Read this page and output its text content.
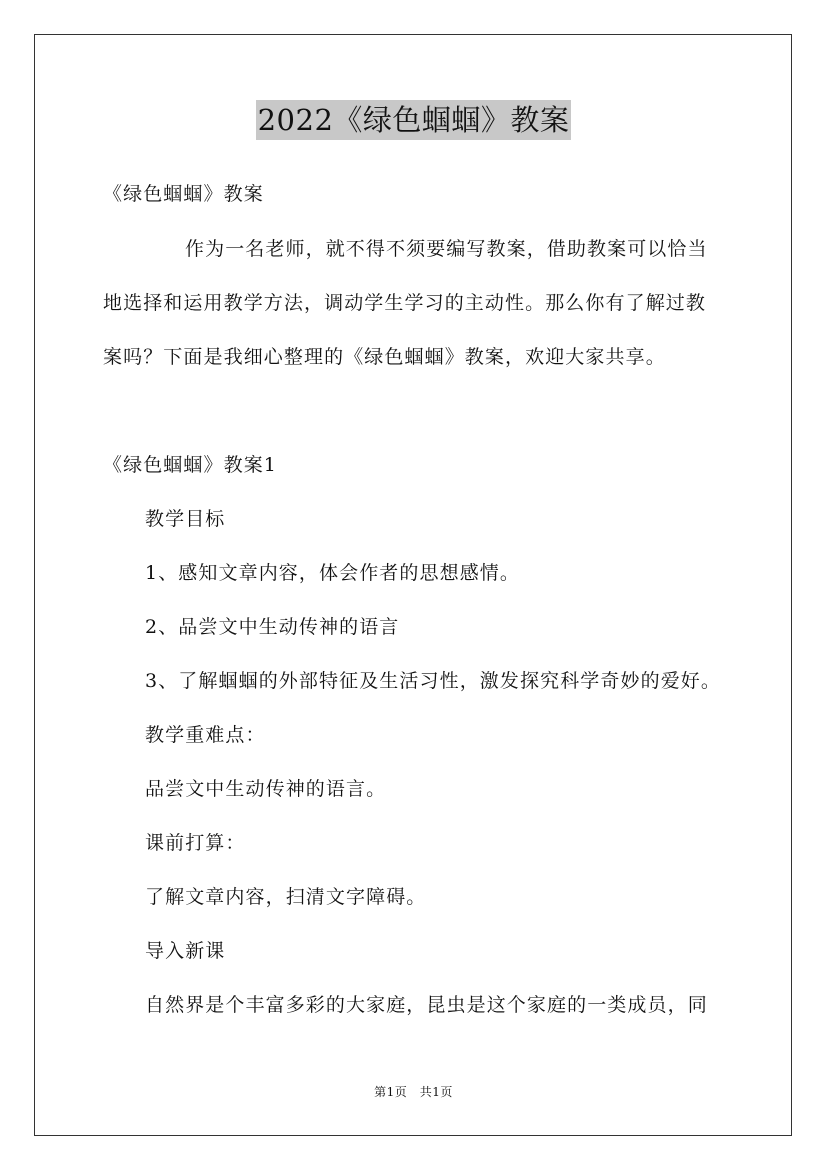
2022《绿色蝈蝈》教案
《绿色蝈蝈》教案
作为一名老师，就不得不须要编写教案，借助教案可以恰当
地选择和运用教学方法，调动学生学习的主动性。那么你有了解过教
案吗？下面是我细心整理的《绿色蝈蝈》教案，欢迎大家共享。
《绿色蝈蝈》教案1
教学目标
1、感知文章内容，体会作者的思想感情。
2、品尝文中生动传神的语言
3、了解蝈蝈的外部特征及生活习性，激发探究科学奇妙的爱好。
教学重难点：
品尝文中生动传神的语言。
课前打算：
了解文章内容，扫清文字障碍。
导入新课
自然界是个丰富多彩的大家庭，昆虫是这个家庭的一类成员，同
第1页　共1页
